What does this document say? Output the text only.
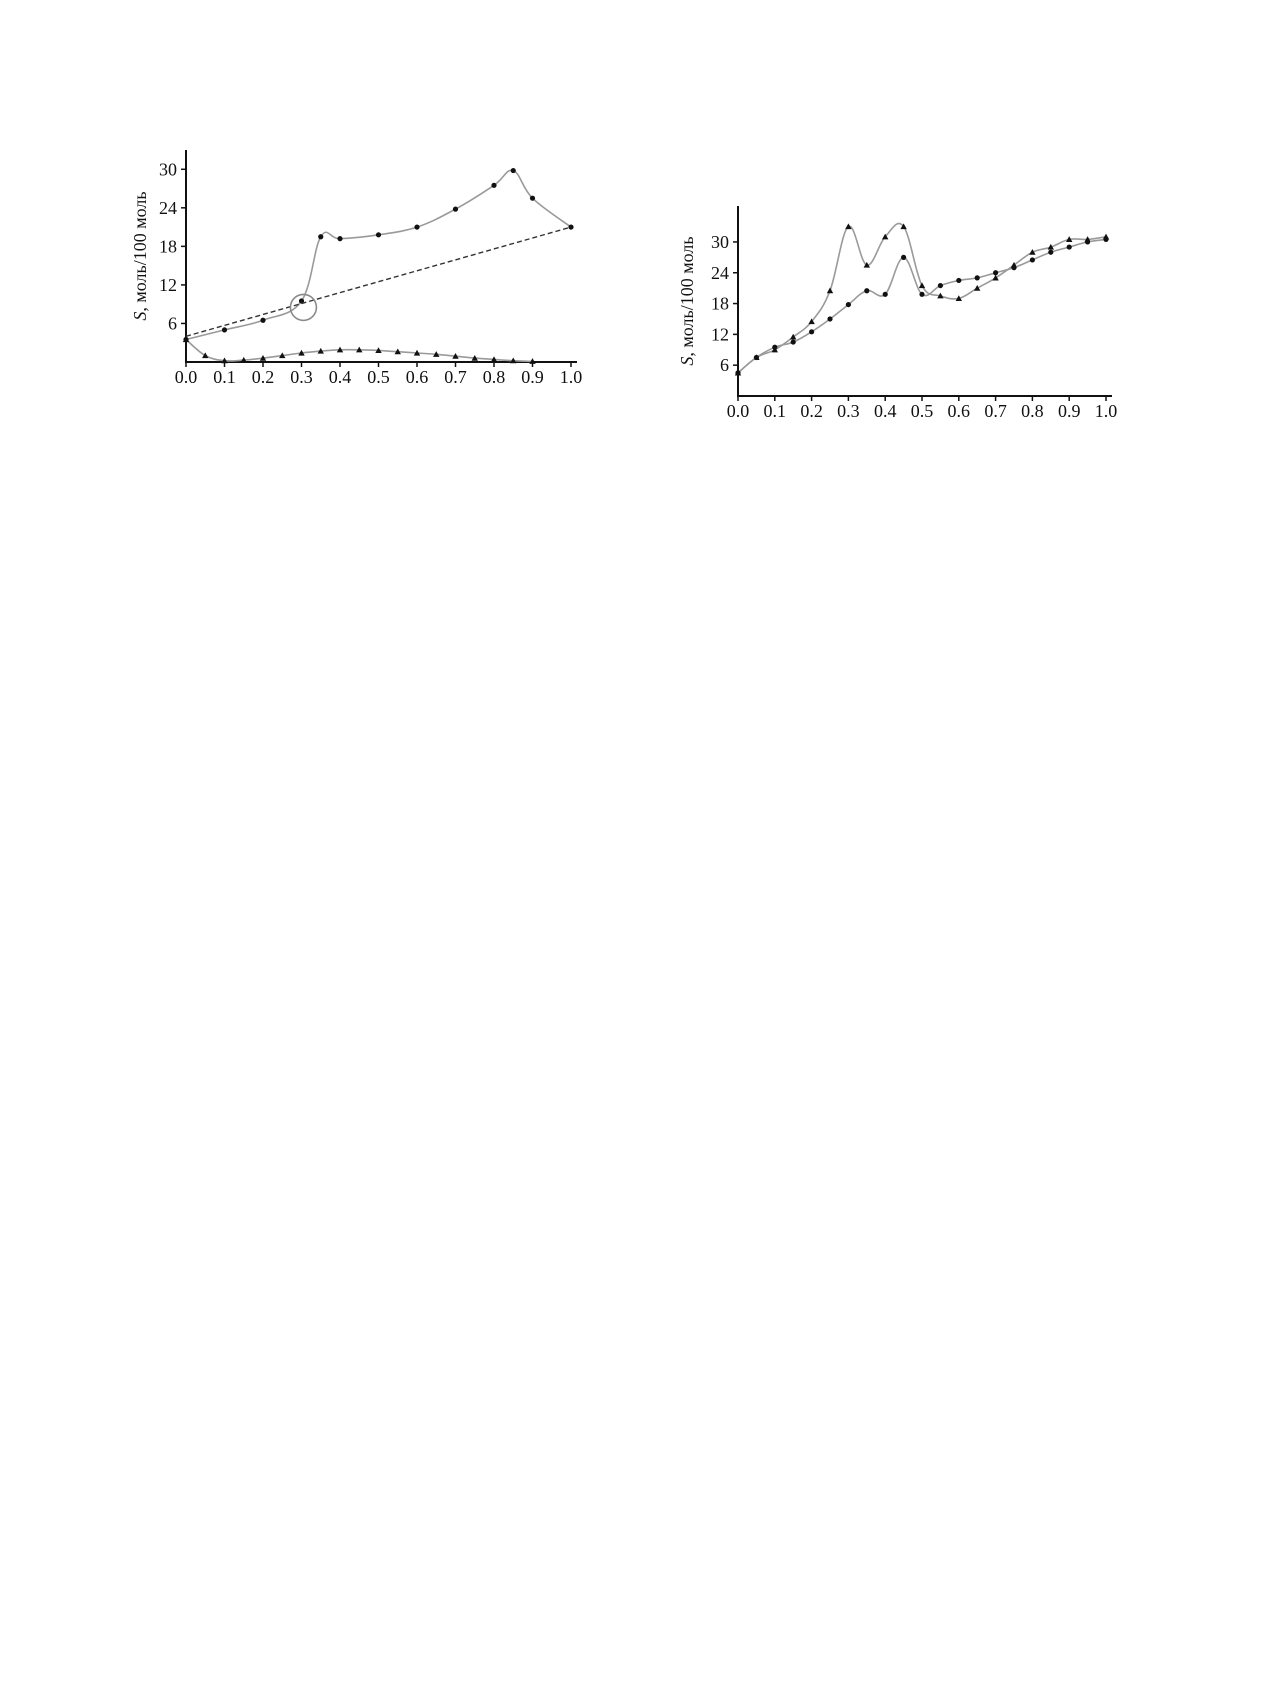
0.0 0.1 0.2 0.3 0.4 0.5 0.6 0.7 0.8 0.9 1.0
6
12
18
24
30
S, моль/100 моль
0.0 0.1 0.2 0.3 0.4 0.5 0.6 0.7 0.8 0.9 1.0
6
12
18
24
30
S, моль/100 моль
